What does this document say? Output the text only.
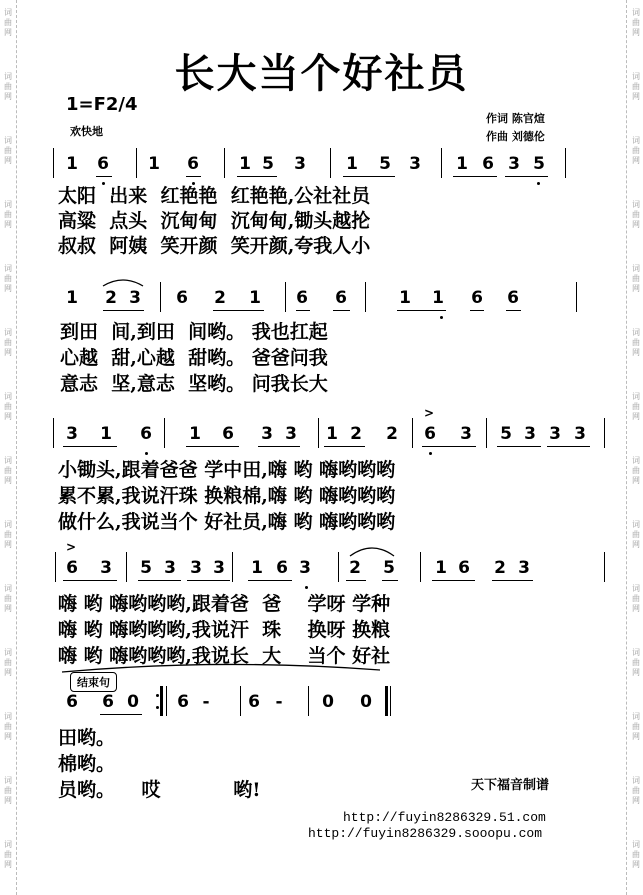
词
曲
网
词
曲
网
词
曲
网
词
曲
网
词
曲
网
词
曲
网
词
曲
网
词
曲
网
词
曲
网
词
曲
网
词
曲
网
词
曲
网
词
曲
网
词
曲
网
词
曲
网
词
曲
网
词
曲
网
词
曲
网
词
曲
网
词
曲
网
词
曲
网
词
曲
网
词
曲
网
词
曲
网
词
曲
网
词
曲
网
词
曲
网
词
曲
网
长大当个好社员
1=F2/4
欢快地
作词 陈官煊
作曲 刘德伦
1 6 1 6 1 5 3 1 5 3 1 6 3 5
1 2 3 6 2 1 6 6	1 1 6 6
3 1 6 1 6 3 3 1 2 2 6 3 5 3 3 3
6 3 5 3 3 3 1 6 3 2 5 1 6 2 3
6 6 0 6 - 6 - 0 0
>
>
结束句
太阳  出来  红艳艳  红艳艳,公社社员
高粱  点头  沉甸甸  沉甸甸,锄头越抡
叔叔  阿姨  笑开颜  笑开颜,夸我人小
到田  间,到田  间哟。 我也扛起
心越  甜,心越  甜哟。 爸爸问我
意志  坚,意志  坚哟。 问我长大
小锄头,跟着爸爸 学中田,嗨 哟 嗨哟哟哟
累不累,我说汗珠 换粮棉,嗨 哟 嗨哟哟哟
做什么,我说当个 好社员,嗨 哟 嗨哟哟哟
嗨 哟 嗨哟哟哟,跟着爸  爸    学呀 学种
嗨 哟 嗨哟哟哟,我说汗  珠    换呀 换粮
嗨 哟 嗨哟哟哟,我说长  大    当个 好社
田哟。
棉哟。
员哟。    哎           哟!	天下福音制谱
http://fuyin8286329.51.com
http://fuyin8286329.sooopu.com
